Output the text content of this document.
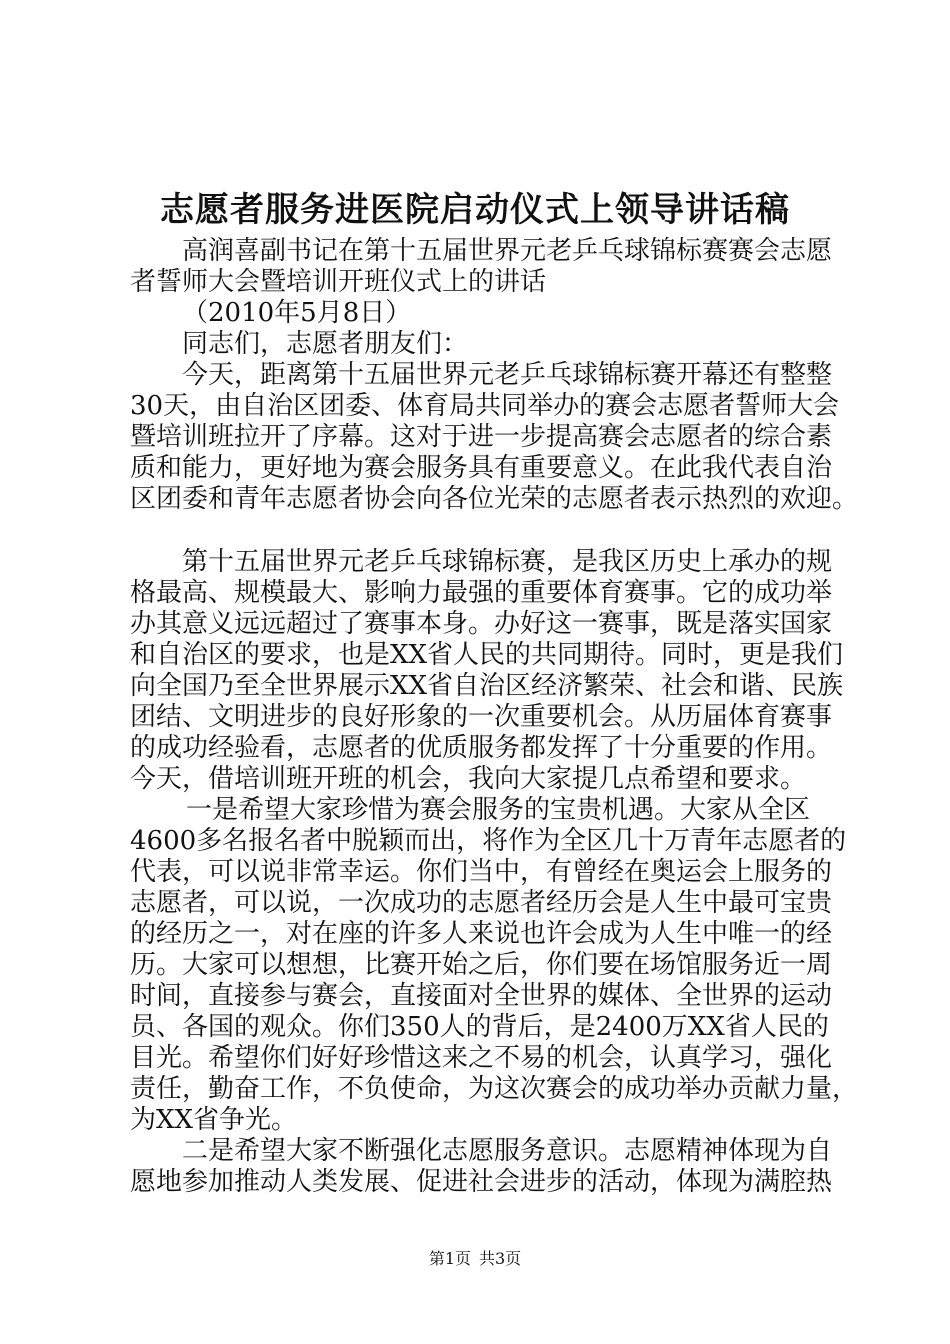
志愿者服务进医院启动仪式上领导讲话稿
高润喜副书记在第十五届世界元老乒乓球锦标赛赛会志愿
者誓师大会暨培训开班仪式上的讲话
（2010年5月8日）
同志们，志愿者朋友们：
今天，距离第十五届世界元老乒乓球锦标赛开幕还有整整
30天，由自治区团委、体育局共同举办的赛会志愿者誓师大会
暨培训班拉开了序幕。这对于进一步提高赛会志愿者的综合素
质和能力，更好地为赛会服务具有重要意义。在此我代表自治
区团委和青年志愿者协会向各位光荣的志愿者表示热烈的欢迎。
第十五届世界元老乒乓球锦标赛，是我区历史上承办的规
格最高、规模最大、影响力最强的重要体育赛事。它的成功举
办其意义远远超过了赛事本身。办好这一赛事，既是落实国家
和自治区的要求，也是XX省人民的共同期待。同时，更是我们
向全国乃至全世界展示XX省自治区经济繁荣、社会和谐、民族
团结、文明进步的良好形象的一次重要机会。从历届体育赛事
的成功经验看，志愿者的优质服务都发挥了十分重要的作用。
今天，借培训班开班的机会，我向大家提几点希望和要求。
一是希望大家珍惜为赛会服务的宝贵机遇。大家从全区
4600多名报名者中脱颖而出，将作为全区几十万青年志愿者的
代表，可以说非常幸运。你们当中，有曾经在奥运会上服务的
志愿者，可以说，一次成功的志愿者经历会是人生中最可宝贵
的经历之一，对在座的许多人来说也许会成为人生中唯一的经
历。大家可以想想，比赛开始之后，你们要在场馆服务近一周
时间，直接参与赛会，直接面对全世界的媒体、全世界的运动
员、各国的观众。你们350人的背后，是2400万XX省人民的
目光。希望你们好好珍惜这来之不易的机会，认真学习，强化
责任，勤奋工作，不负使命，为这次赛会的成功举办贡献力量，
为XX省争光。
二是希望大家不断强化志愿服务意识。志愿精神体现为自
愿地参加推动人类发展、促进社会进步的活动，体现为满腔热
第1页 共3页
